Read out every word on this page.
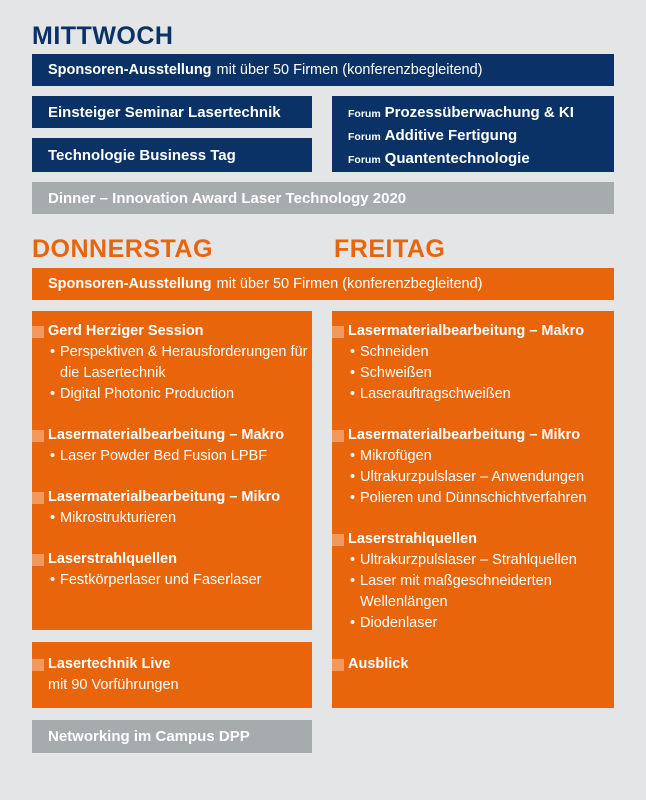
MITTWOCH
Sponsoren-Ausstellung mit über 50 Firmen (konferenzbegleitend)
Einsteiger Seminar Lasertechnik
Technologie Business Tag
Forum Prozessüberwachung & KI
Forum Additive Fertigung
Forum Quantentechnologie
Dinner – Innovation Award Laser Technology 2020
DONNERSTAG	FREITAG
Sponsoren-Ausstellung mit über 50 Firmen (konferenzbegleitend)
Gerd Herziger Session
• Perspektiven & Herausforderungen für die Lasertechnik
• Digital Photonic Production
Lasermaterialbearbeitung – Makro
• Laser Powder Bed Fusion LPBF
Lasermaterialbearbeitung – Mikro
• Mikrostrukturieren
Laserstrahlquellen
• Festkörperlaser und Faserlaser
Lasertechnik Live
mit 90 Vorführungen
Networking im Campus DPP
Lasermaterialbearbeitung – Makro
• Schneiden
• Schweißen
• Laserauftragschweißen
Lasermaterialbearbeitung – Mikro
• Mikrofügen
• Ultrakurzpulslaser – Anwendungen
• Polieren und Dünnschichtverfahren
Laserstrahlquellen
• Ultrakurzpulslaser – Strahlquellen
• Laser mit maßgeschneiderten Wellenlängen
• Diodenlaser
Ausblick
